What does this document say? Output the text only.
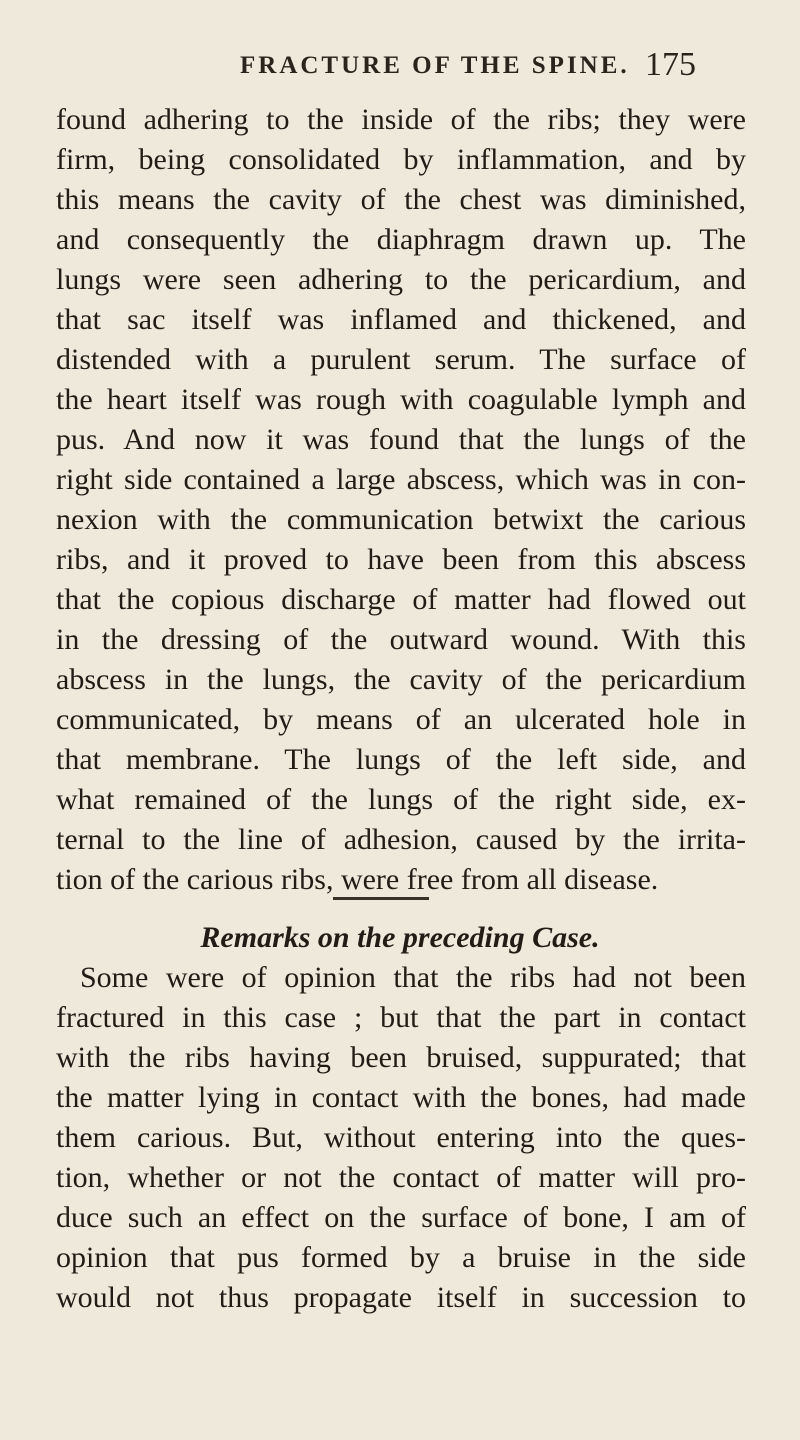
FRACTURE OF THE SPINE. 175
found adhering to the inside of the ribs; they were
firm, being consolidated by inflammation, and by
this means the cavity of the chest was diminished,
and consequently the diaphragm drawn up. The
lungs were seen adhering to the pericardium, and
that sac itself was inflamed and thickened, and
distended with a purulent serum. The surface of
the heart itself was rough with coagulable lymph and
pus. And now it was found that the lungs of the
right side contained a large abscess, which was in con-
nexion with the communication betwixt the carious
ribs, and it proved to have been from this abscess
that the copious discharge of matter had flowed out
in the dressing of the outward wound. With this
abscess in the lungs, the cavity of the pericardium
communicated, by means of an ulcerated hole in
that membrane. The lungs of the left side, and
what remained of the lungs of the right side, ex-
ternal to the line of adhesion, caused by the irrita-
tion of the carious ribs, were free from all disease.
Remarks on the preceding Case.
Some were of opinion that the ribs had not been
fractured in this case ; but that the part in contact
with the ribs having been bruised, suppurated; that
the matter lying in contact with the bones, had made
them carious. But, without entering into the ques-
tion, whether or not the contact of matter will pro-
duce such an effect on the surface of bone, I am of
opinion that pus formed by a bruise in the side
would not thus propagate itself in succession to
